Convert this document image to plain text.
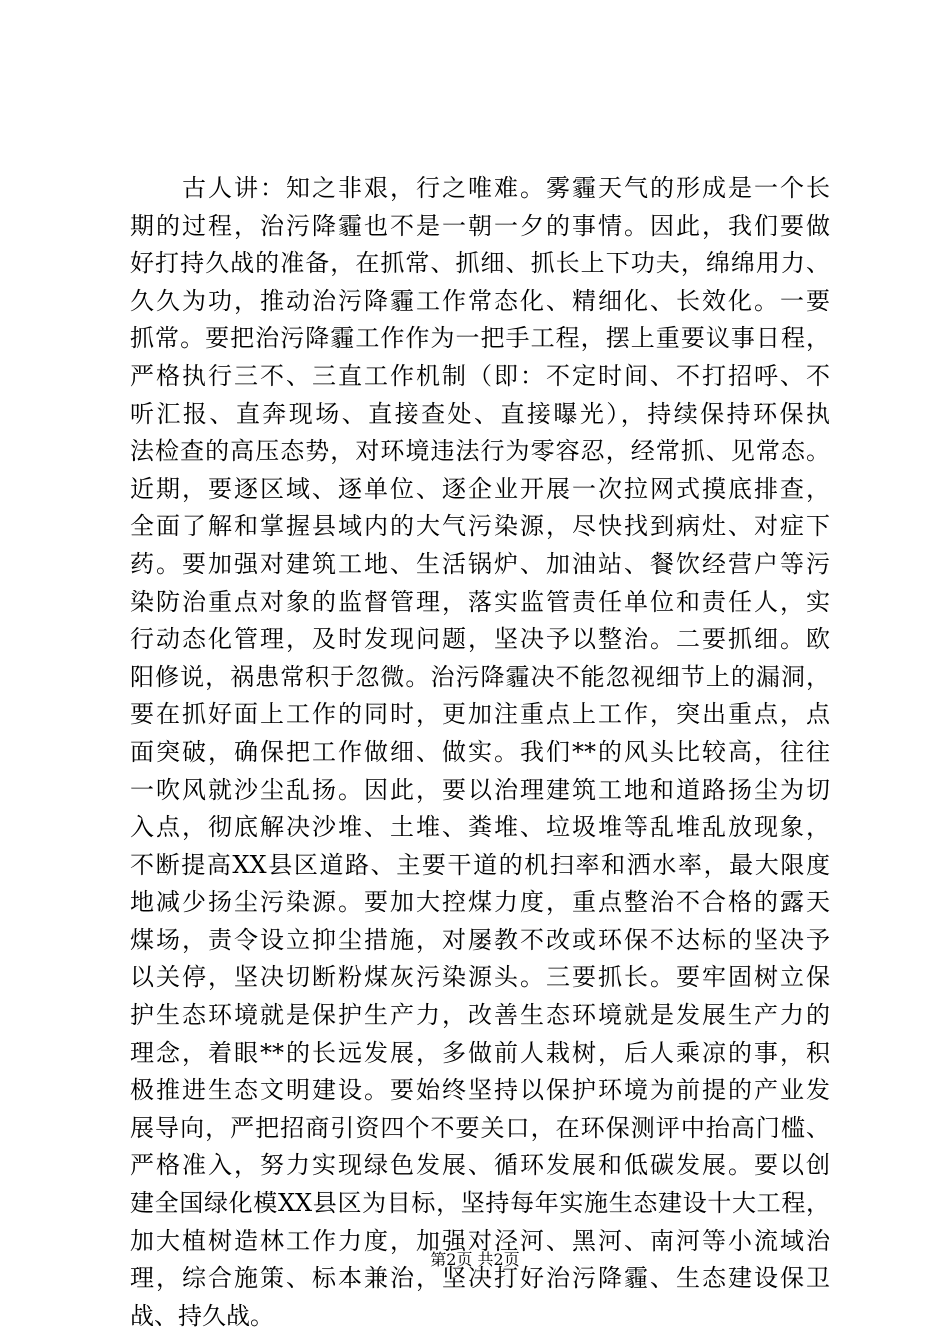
　　古人讲：知之非艰，行之唯难。雾霾天气的形成是一个长
期的过程，治污降霾也不是一朝一夕的事情。因此，我们要做
好打持久战的准备，在抓常、抓细、抓长上下功夫，绵绵用力、
久久为功，推动治污降霾工作常态化、精细化、长效化。一要
抓常。要把治污降霾工作作为一把手工程，摆上重要议事日程，
严格执行三不、三直工作机制（即：不定时间、不打招呼、不
听汇报、直奔现场、直接查处、直接曝光），持续保持环保执
法检查的高压态势，对环境违法行为零容忍，经常抓、见常态。
近期，要逐区域、逐单位、逐企业开展一次拉网式摸底排查，
全面了解和掌握县域内的大气污染源，尽快找到病灶、对症下
药。要加强对建筑工地、生活锅炉、加油站、餐饮经营户等污
染防治重点对象的监督管理，落实监管责任单位和责任人，实
行动态化管理，及时发现问题，坚决予以整治。二要抓细。欧
阳修说，祸患常积于忽微。治污降霾决不能忽视细节上的漏洞，
要在抓好面上工作的同时，更加注重点上工作，突出重点，点
面突破，确保把工作做细、做实。我们**的风头比较高，往往
一吹风就沙尘乱扬。因此，要以治理建筑工地和道路扬尘为切
入点，彻底解决沙堆、土堆、粪堆、垃圾堆等乱堆乱放现象，
不断提高XX县区道路、主要干道的机扫率和洒水率，最大限度
地减少扬尘污染源。要加大控煤力度，重点整治不合格的露天
煤场，责令设立抑尘措施，对屡教不改或环保不达标的坚决予
以关停，坚决切断粉煤灰污染源头。三要抓长。要牢固树立保
护生态环境就是保护生产力，改善生态环境就是发展生产力的
理念，着眼**的长远发展，多做前人栽树，后人乘凉的事，积
极推进生态文明建设。要始终坚持以保护环境为前提的产业发
展导向，严把招商引资四个不要关口，在环保测评中抬高门槛、
严格准入，努力实现绿色发展、循环发展和低碳发展。要以创
建全国绿化模XX县区为目标，坚持每年实施生态建设十大工程，
加大植树造林工作力度，加强对泾河、黑河、南河等小流域治
理，综合施策、标本兼治，坚决打好治污降霾、生态建设保卫
战、持久战。
第2页 共2页
